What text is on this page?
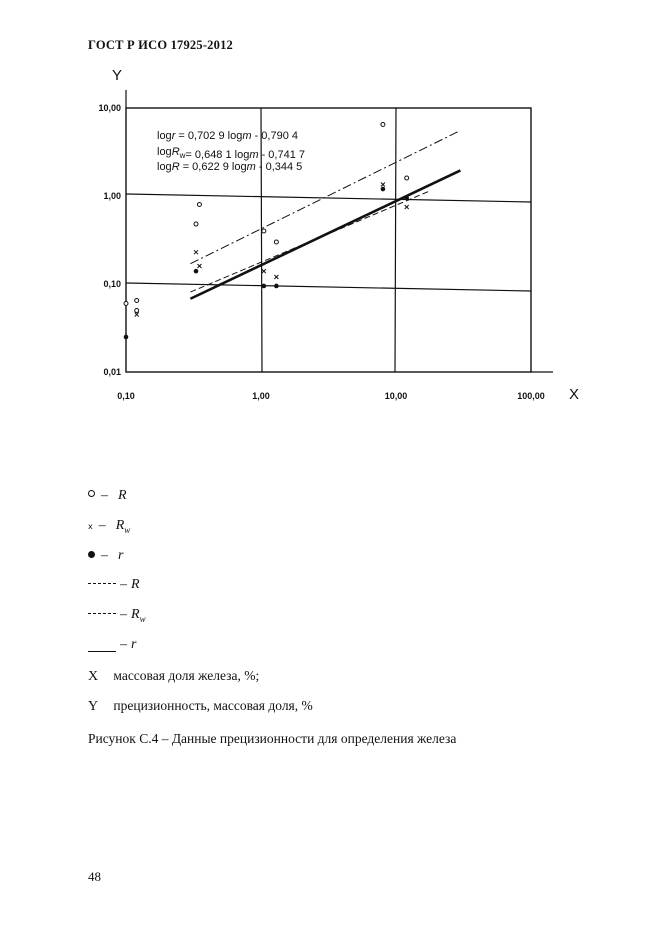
ГОСТ Р ИСО 17925-2012
0,10	1,00	10,00	100,00
0,01
0,10
1,00
10,00
X
Y
logr = 0,702 9 logm - 0,790 4
logR$_w$= 0,648 1 logm - 0,741 7
logR = 0,622 9 logm - 0,344 5
– R
x – $R_w$
– r
– R
– $R_w$
– r
X массовая доля железа, %;
Y прецизионность, массовая доля, %
Рисунок С.4 – Данные прецизионности для определения железа
48
